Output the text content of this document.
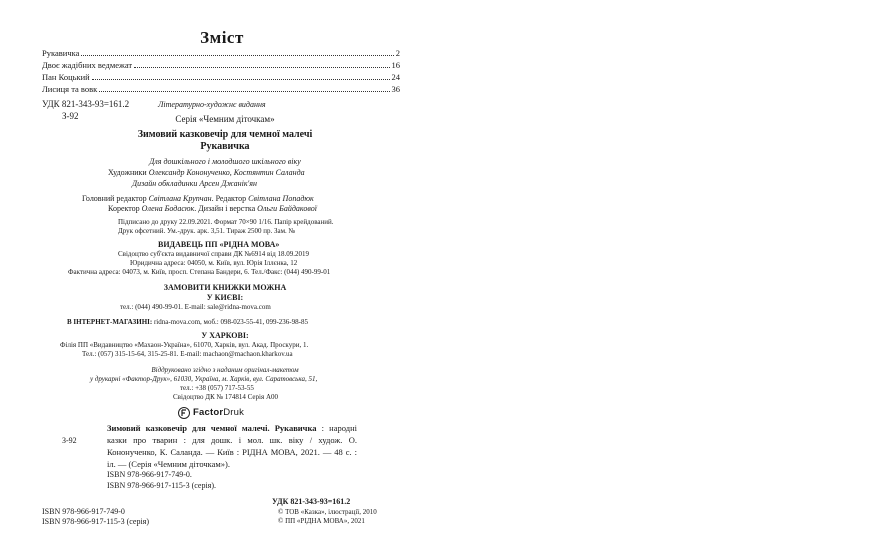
Зміст
Рукавичка	2
Двоє жадібних ведмежат	16
Пан Коцький	24
Лисиця та вовк	36
УДК 821-343-93=161.2
З-92
Літературно-художнє видання
Серія «Чемним діточкам»
Зимовий казковечір для чемної малечі
Рукавичка
Для дошкільного і молодшого шкільного віку
Художники Олександр Кононученко, Костянтин Саланда
Дизайн обкладинки Арсен Джанік'ян
Головний редактор Світлана Крупчан. Редактор Світлана Попадюк
Коректор Олена Бодасюк. Дизайн і верстка Ольги Байдакової
Підписано до друку 22.09.2021. Формат 70×90 1/16. Папір крейдований.
Друк офсетний. Ум.-друк. арк. 3,51. Тираж 2500 пр. Зам. №
ВИДАВЕЦЬ ПП «РІДНА МОВА»
Свідоцтво суб'єкта видавничої справи ДК №6914 від 18.09.2019
Юридична адреса: 04050, м. Київ, вул. Юрія Іллєнка, 12
Фактична адреса: 04073, м. Київ, просп. Степана Бандери, 6. Тел./Факс: (044) 490-99-01
ЗАМОВИТИ КНИЖКИ МОЖНА
У КИЄВІ:
тел.: (044) 490-99-01. E-mail: sale@ridna-mova.com
В ІНТЕРНЕТ-МАГАЗИНІ: ridna-mova.com, моб.: 098-023-55-41, 099-236-98-85
У ХАРКОВІ:
Філія ПП «Видавництво «Махаон-Україна», 61070, Харків, вул. Акад. Проскури, 1.
Тел.: (057) 315-15-64, 315-25-81. E-mail: machaon@machaon.kharkov.ua
Віддруковано згідно з наданим оригінал-макетом
у друкарні «Фактор-Друк», 61030, Україна, м. Харків, вул. Саратовська, 51,
тел.: +38 (057) 717-53-55
Свідоцтво ДК № 174814 Серія А00
FactorDruk
З-92
Зимовий казковечір для чемної малечі. Рукавичка : народні казки про тварин : для дошк. і мол. шк. віку / худож. О. Кононученко, К. Саланда. — Київ : РІДНА МОВА, 2021. — 48 с. : іл. — (Серія «Чемним діточкам»).
ISBN 978-966-917-749-0.
ISBN 978-966-917-115-3 (серія).
УДК 821-343-93=161.2
ISBN 978-966-917-749-0
ISBN 978-966-917-115-3 (серія)
© ТОВ «Казка», ілюстрації, 2010
© ПП «РІДНА МОВА», 2021
